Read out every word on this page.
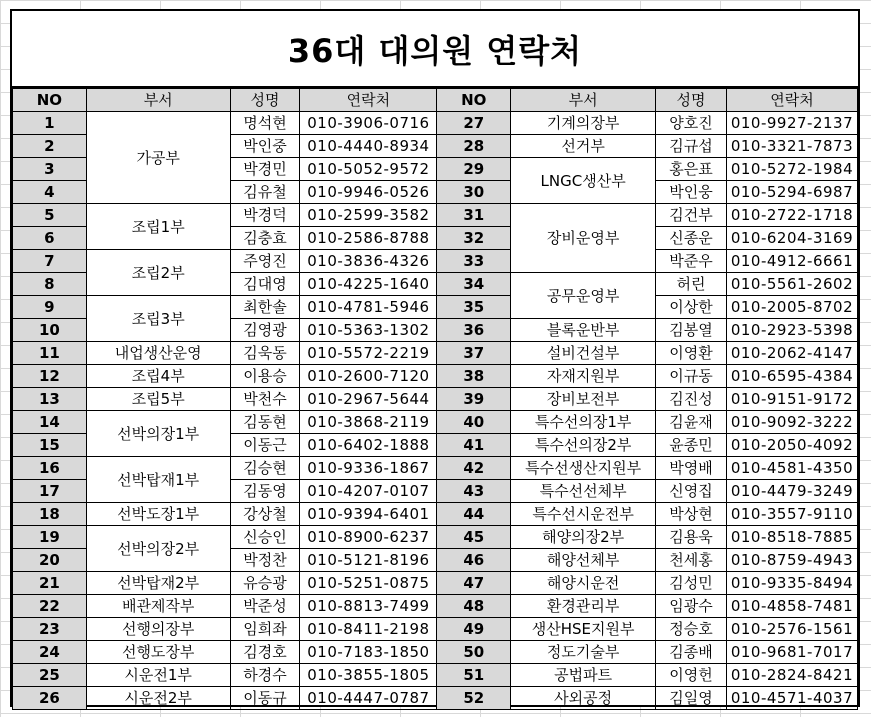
36대 대의원 연락처
NO	부서	성명	연락처	NO	부서	성명	연락처
1	가공부	명석현	010-3906-0716	27	기계의장부	양호진	010-9927-2137
2		박인중	010-4440-8934	28	선거부	김규섭	010-3321-7873
3		박경민	010-5052-9572	29	LNGC생산부	홍은표	010-5272-1984
4		김유철	010-9946-0526	30		박인웅	010-5294-6987
5	조립1부	박경덕	010-2599-3582	31	장비운영부	김건부	010-2722-1718
6		김충효	010-2586-8788	32		신종운	010-6204-3169
7	조립2부	주영진	010-3836-4326	33		박준우	010-4912-6661
8		김대영	010-4225-1640	34	공무운영부	허린	010-5561-2602
9	조립3부	최한솔	010-4781-5946	35		이상한	010-2005-8702
10		김영광	010-5363-1302	36	블록운반부	김봉열	010-2923-5398
11	내업생산운영	김욱동	010-5572-2219	37	설비건설부	이영환	010-2062-4147
12	조립4부	이용승	010-2600-7120	38	자재지원부	이규동	010-6595-4384
13	조립5부	박천수	010-2967-5644	39	장비보전부	김진성	010-9151-9172
14	선박의장1부	김동현	010-3868-2119	40	특수선의장1부	김윤재	010-9092-3222
15		이동근	010-6402-1888	41	특수선의장2부	윤종민	010-2050-4092
16	선박탑재1부	김승현	010-9336-1867	42	특수선생산지원부	박영배	010-4581-4350
17		김동영	010-4207-0107	43	특수선선체부	신영집	010-4479-3249
18	선박도장1부	강상철	010-9394-6401	44	특수선시운전부	박상현	010-3557-9110
19	선박의장2부	신승인	010-8900-6237	45	해양의장2부	김용욱	010-8518-7885
20		박정찬	010-5121-8196	46	해양선체부	천세홍	010-8759-4943
21	선박탑재2부	유승광	010-5251-0875	47	해양시운전	김성민	010-9335-8494
22	배관제작부	박준성	010-8813-7499	48	환경관리부	임광수	010-4858-7481
23	선행의장부	임희좌	010-8411-2198	49	생산HSE지원부	정승호	010-2576-1561
24	선행도장부	김경호	010-7183-1850	50	정도기술부	김종배	010-9681-7017
25	시운전1부	하경수	010-3855-1805	51	공법파트	이영헌	010-2824-8421
26	시운전2부	이동규	010-4447-0787	52	사외공정	김일영	010-4571-4037
